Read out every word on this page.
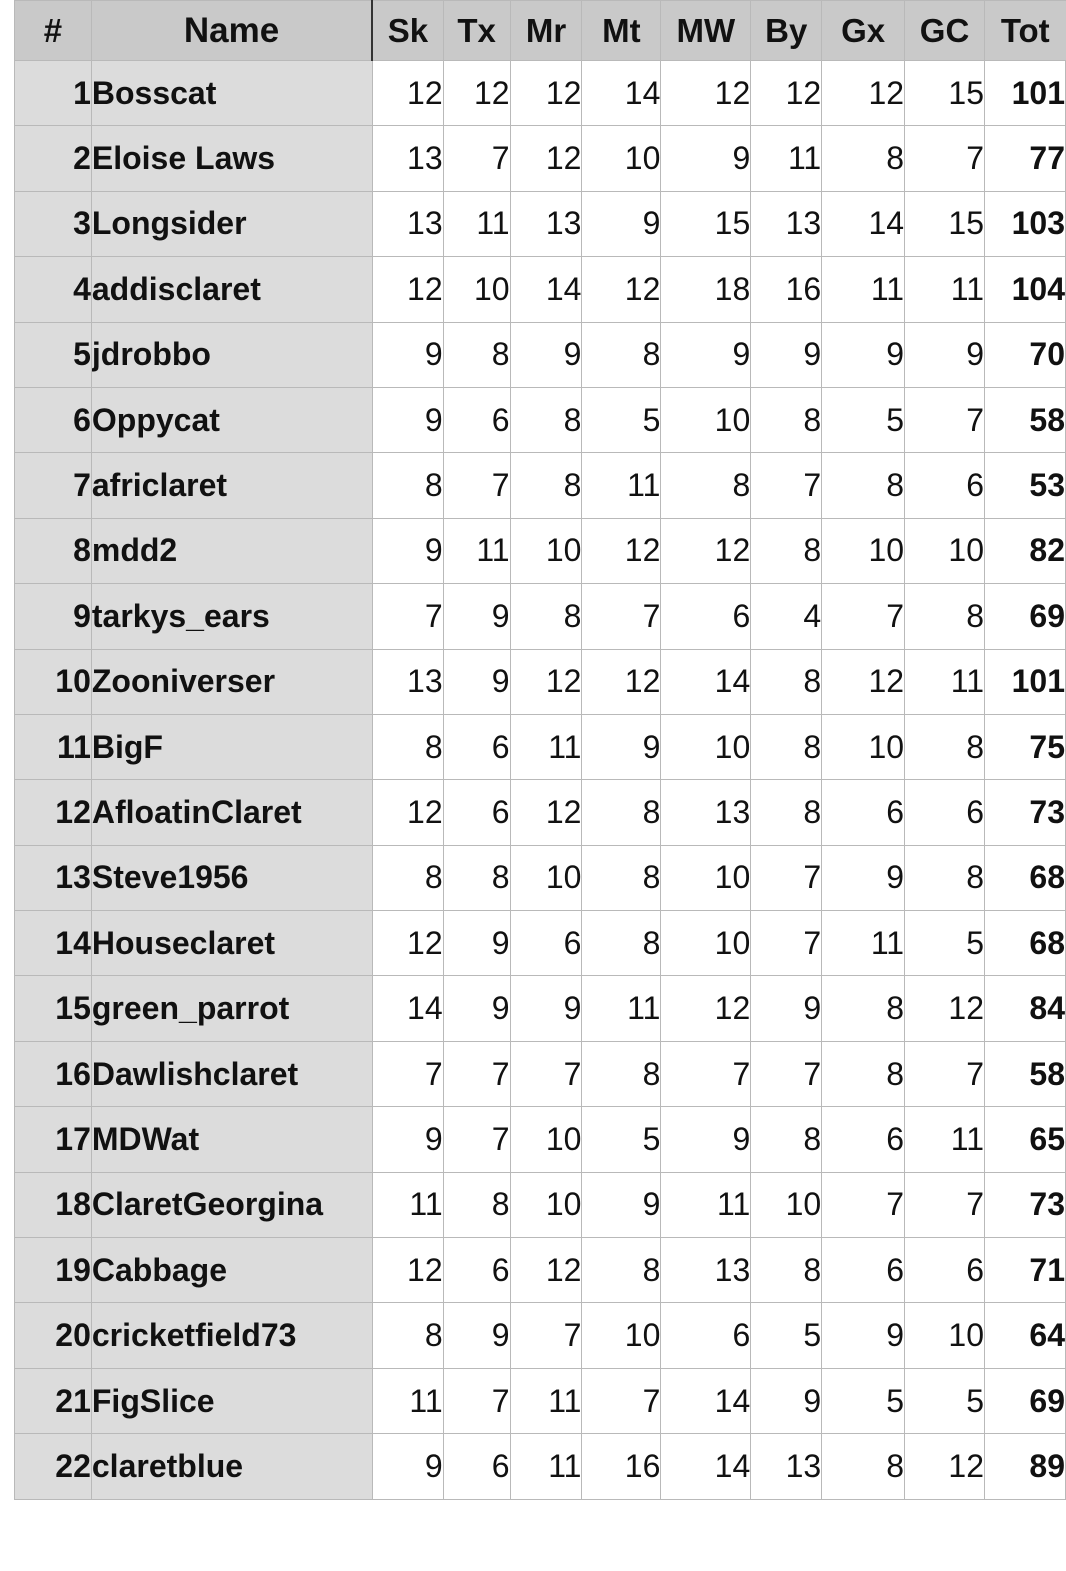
#	Name	Sk	Tx	Mr	Mt	MW	By	Gx	GC	Tot
1	Bosscat	12	12	12	14	12	12	12	15	101
2	Eloise Laws	13	7	12	10	9	11	8	7	77
3	Longsider	13	11	13	9	15	13	14	15	103
4	addisclaret	12	10	14	12	18	16	11	11	104
5	jdrobbo	9	8	9	8	9	9	9	9	70
6	Oppycat	9	6	8	5	10	8	5	7	58
7	africlaret	8	7	8	11	8	7	8	6	53
8	mdd2	9	11	10	12	12	8	10	10	82
9	tarkys_ears	7	9	8	7	6	4	7	8	69
10	Zooniverser	13	9	12	12	14	8	12	11	101
11	BigF	8	6	11	9	10	8	10	8	75
12	AfloatinClaret	12	6	12	8	13	8	6	6	73
13	Steve1956	8	8	10	8	10	7	9	8	68
14	Houseclaret	12	9	6	8	10	7	11	5	68
15	green_parrot	14	9	9	11	12	9	8	12	84
16	Dawlishclaret	7	7	7	8	7	7	8	7	58
17	MDWat	9	7	10	5	9	8	6	11	65
18	ClaretGeorgina	11	8	10	9	11	10	7	7	73
19	Cabbage	12	6	12	8	13	8	6	6	71
20	cricketfield73	8	9	7	10	6	5	9	10	64
21	FigSlice	11	7	11	7	14	9	5	5	69
22	claretblue	9	6	11	16	14	13	8	12	89
